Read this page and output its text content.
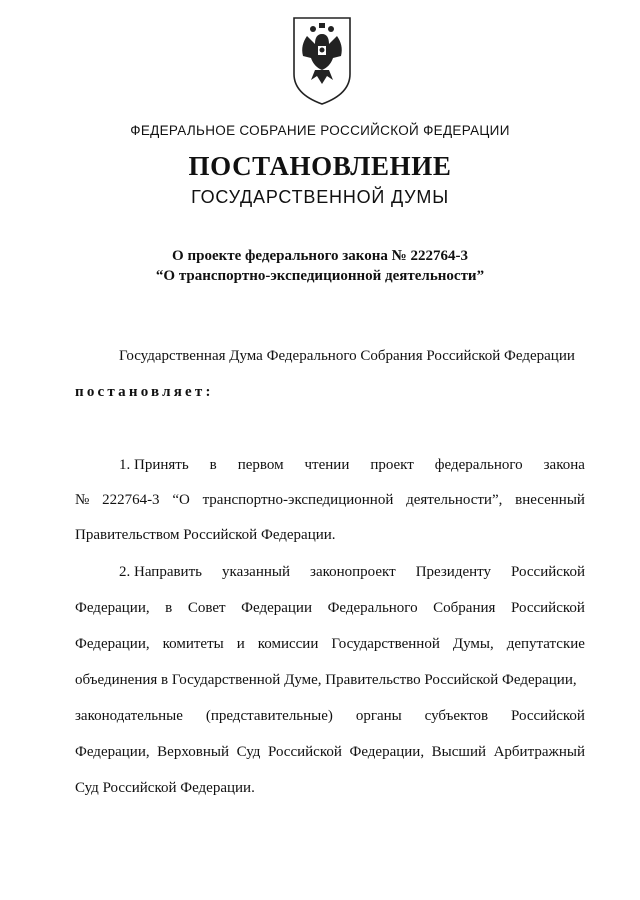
ФЕДЕРАЛЬНОЕ СОБРАНИЕ РОССИЙСКОЙ ФЕДЕРАЦИИ
ПОСТАНОВЛЕНИЕ
ГОСУДАРСТВЕННОЙ ДУМЫ
О проекте федерального закона № 222764-3
“О транспортно-экспедиционной деятельности”
Государственная Дума Федерального Собрания Российской Федерации
постановляет:
1. Принять в первом чтении проект федерального закона
№ 222764-3 “О транспортно-экспедиционной деятельности”, внесенный
Правительством Российской Федерации.
2. Направить указанный законопроект Президенту Российской
Федерации, в Совет Федерации Федерального Собрания Российской
Федерации, комитеты и комиссии Государственной Думы, депутатские
объединения в Государственной Думе, Правительство Российской Федерации,
законодательные (представительные) органы субъектов Российской
Федерации, Верховный Суд Российской Федерации, Высший Арбитражный
Суд Российской Федерации.
